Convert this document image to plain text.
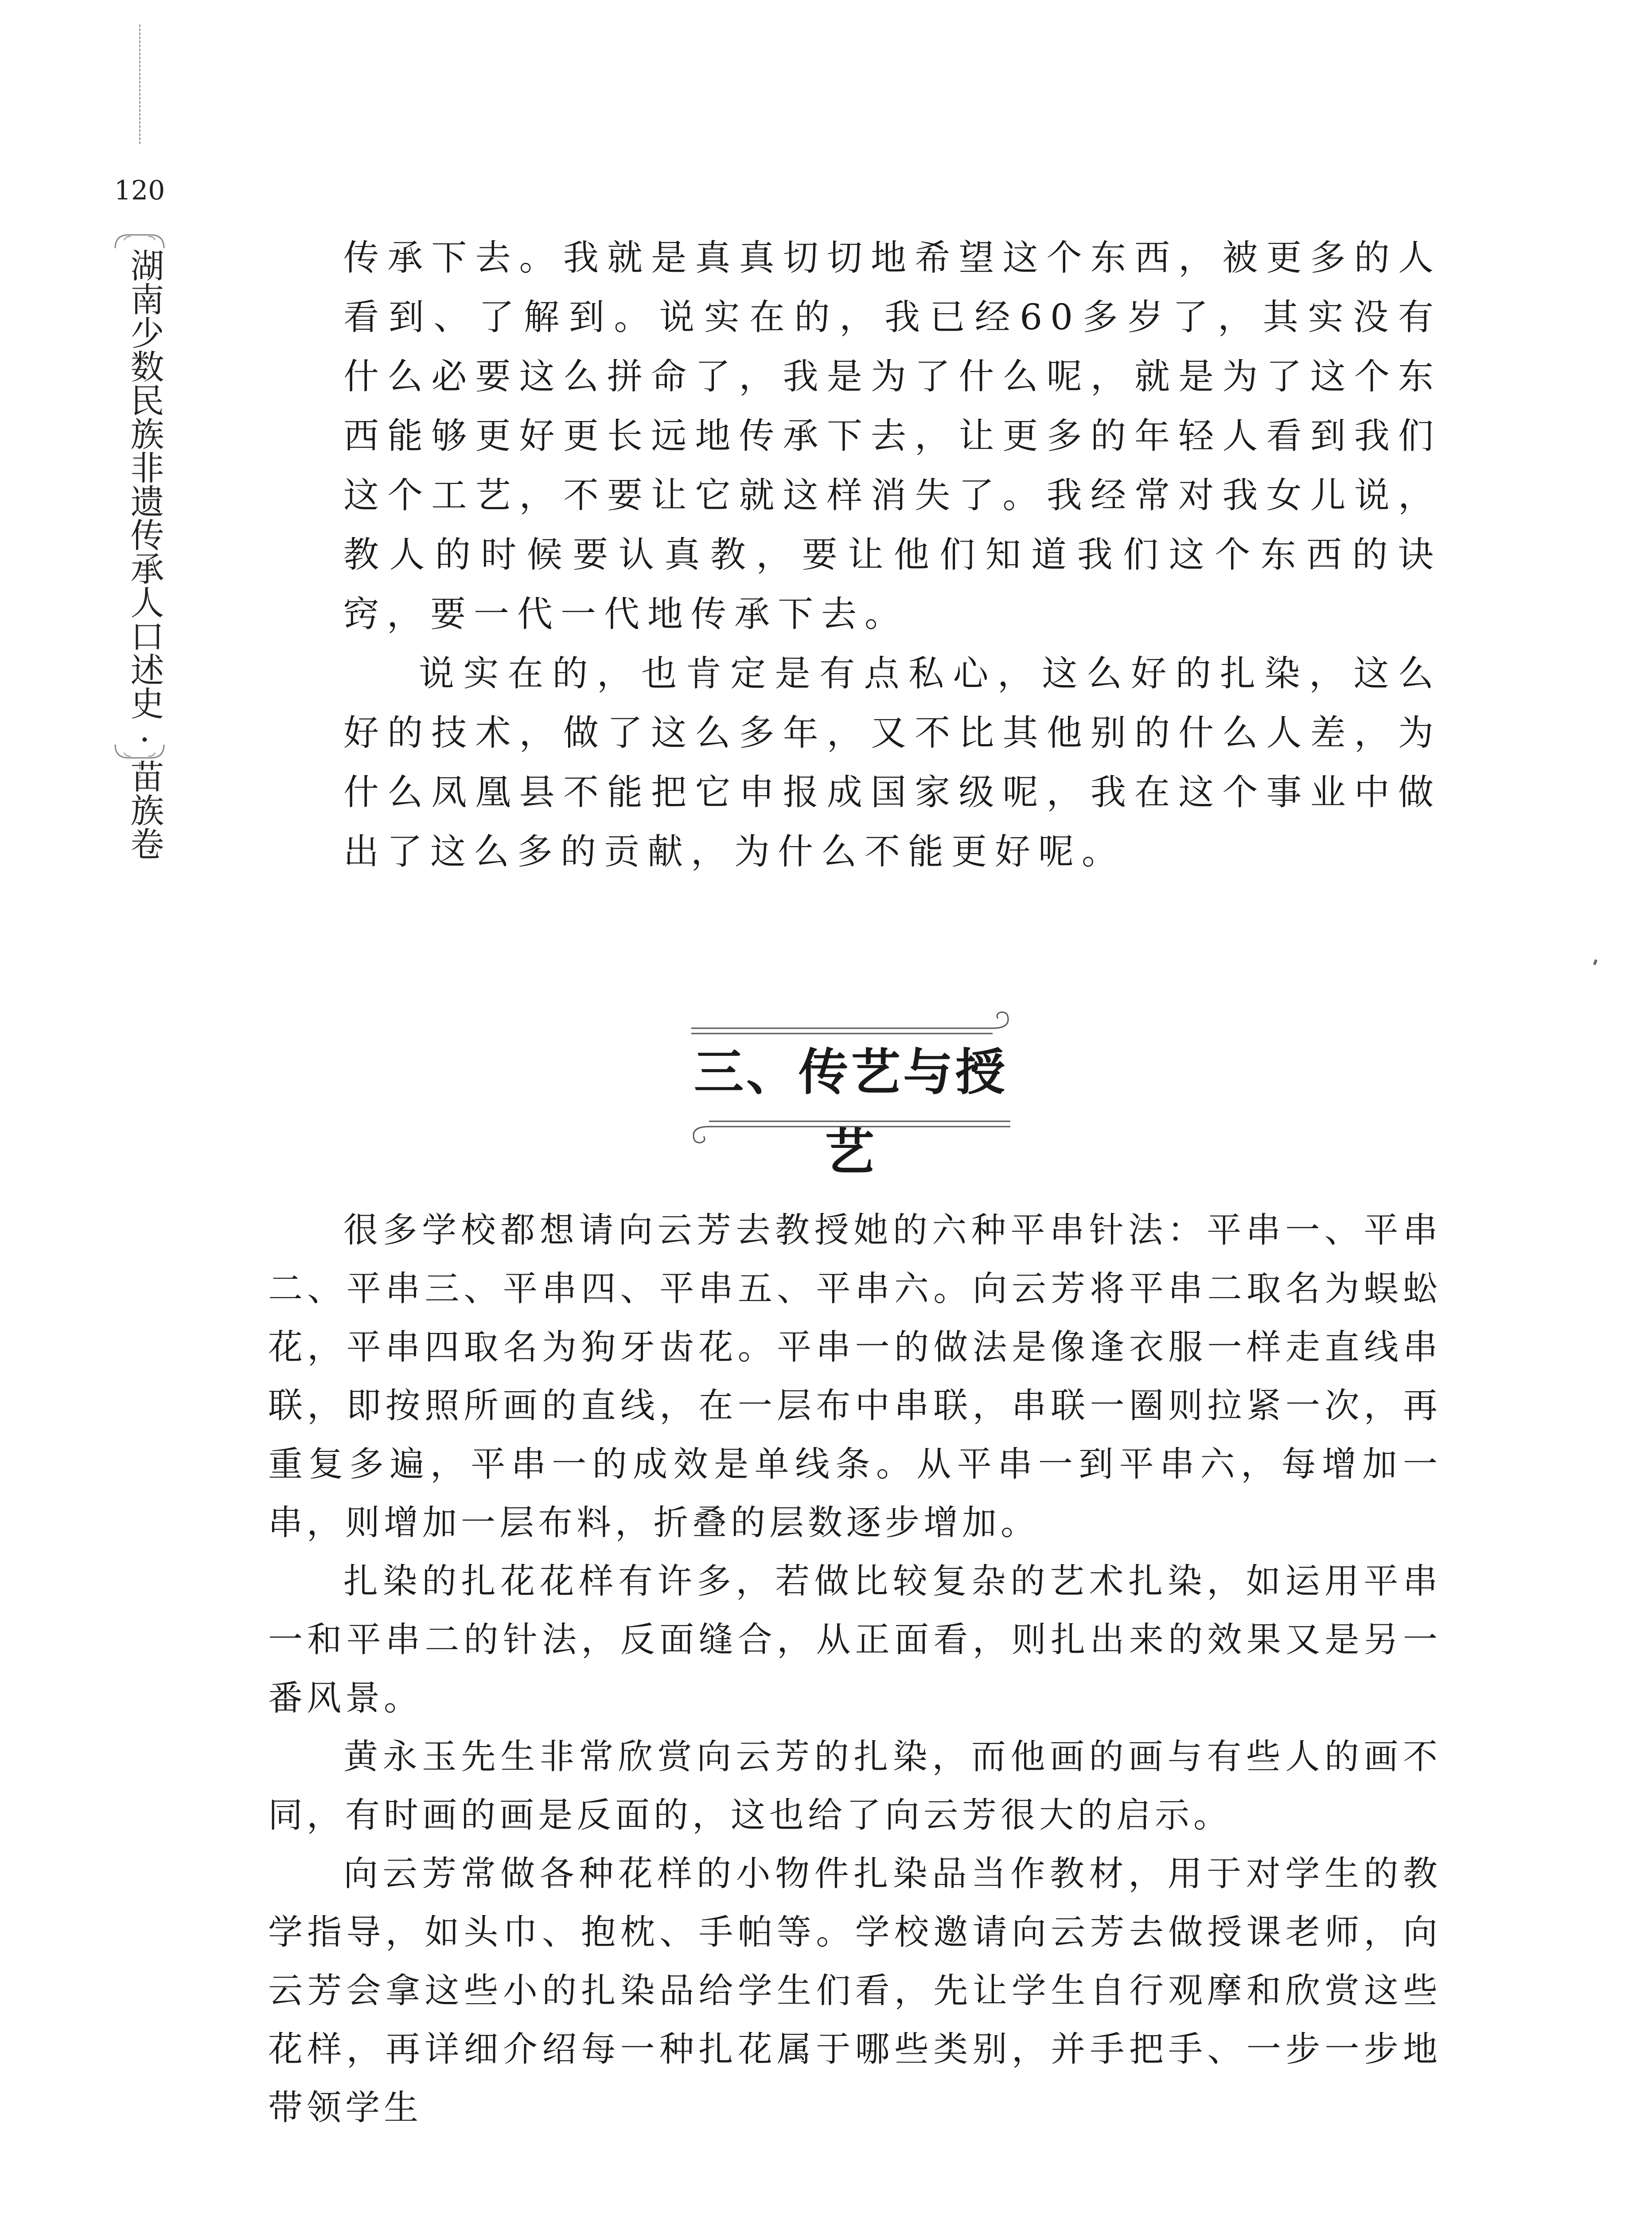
120
湖南少数民族非遗传承人口述史·苗族卷	传承下去。我就是真真切切地希望这个东西，被更多的人看到、了解到。说实在的，我已经60多岁了，其实没有什么必要这么拼命了，我是为了什么呢，就是为了这个东西能够更好更长远地传承下去，让更多的年轻人看到我们这个工艺，不要让它就这样消失了。我经常对我女儿说，教人的时候要认真教，要让他们知道我们这个东西的诀窍，要一代一代地传承下去。

说实在的，也肯定是有点私心，这么好的扎染，这么好的技术，做了这么多年，又不比其他别的什么人差，为什么凤凰县不能把它申报成国家级呢，我在这个事业中做出了这么多的贡献，为什么不能更好呢。

三、传艺与授艺

很多学校都想请向云芳去教授她的六种平串针法：平串一、平串二、平串三、平串四、平串五、平串六。向云芳将平串二取名为蜈蚣花，平串四取名为狗牙齿花。平串一的做法是像逢衣服一样走直线串联，即按照所画的直线，在一层布中串联，串联一圈则拉紧一次，再重复多遍，平串一的成效是单线条。从平串一到平串六，每增加一串，则增加一层布料，折叠的层数逐步增加。

扎染的扎花花样有许多，若做比较复杂的艺术扎染，如运用平串一和平串二的针法，反面缝合，从正面看，则扎出来的效果又是另一番风景。

黄永玉先生非常欣赏向云芳的扎染，而他画的画与有些人的画不同，有时画的画是反面的，这也给了向云芳很大的启示。

向云芳常做各种花样的小物件扎染品当作教材，用于对学生的教学指导，如头巾、抱枕、手帕等。学校邀请向云芳去做授课老师，向云芳会拿这些小的扎染品给学生们看，先让学生自行观摩和欣赏这些花样，再详细介绍每一种扎花属于哪些类别，并手把手、一步一步地带领学生
